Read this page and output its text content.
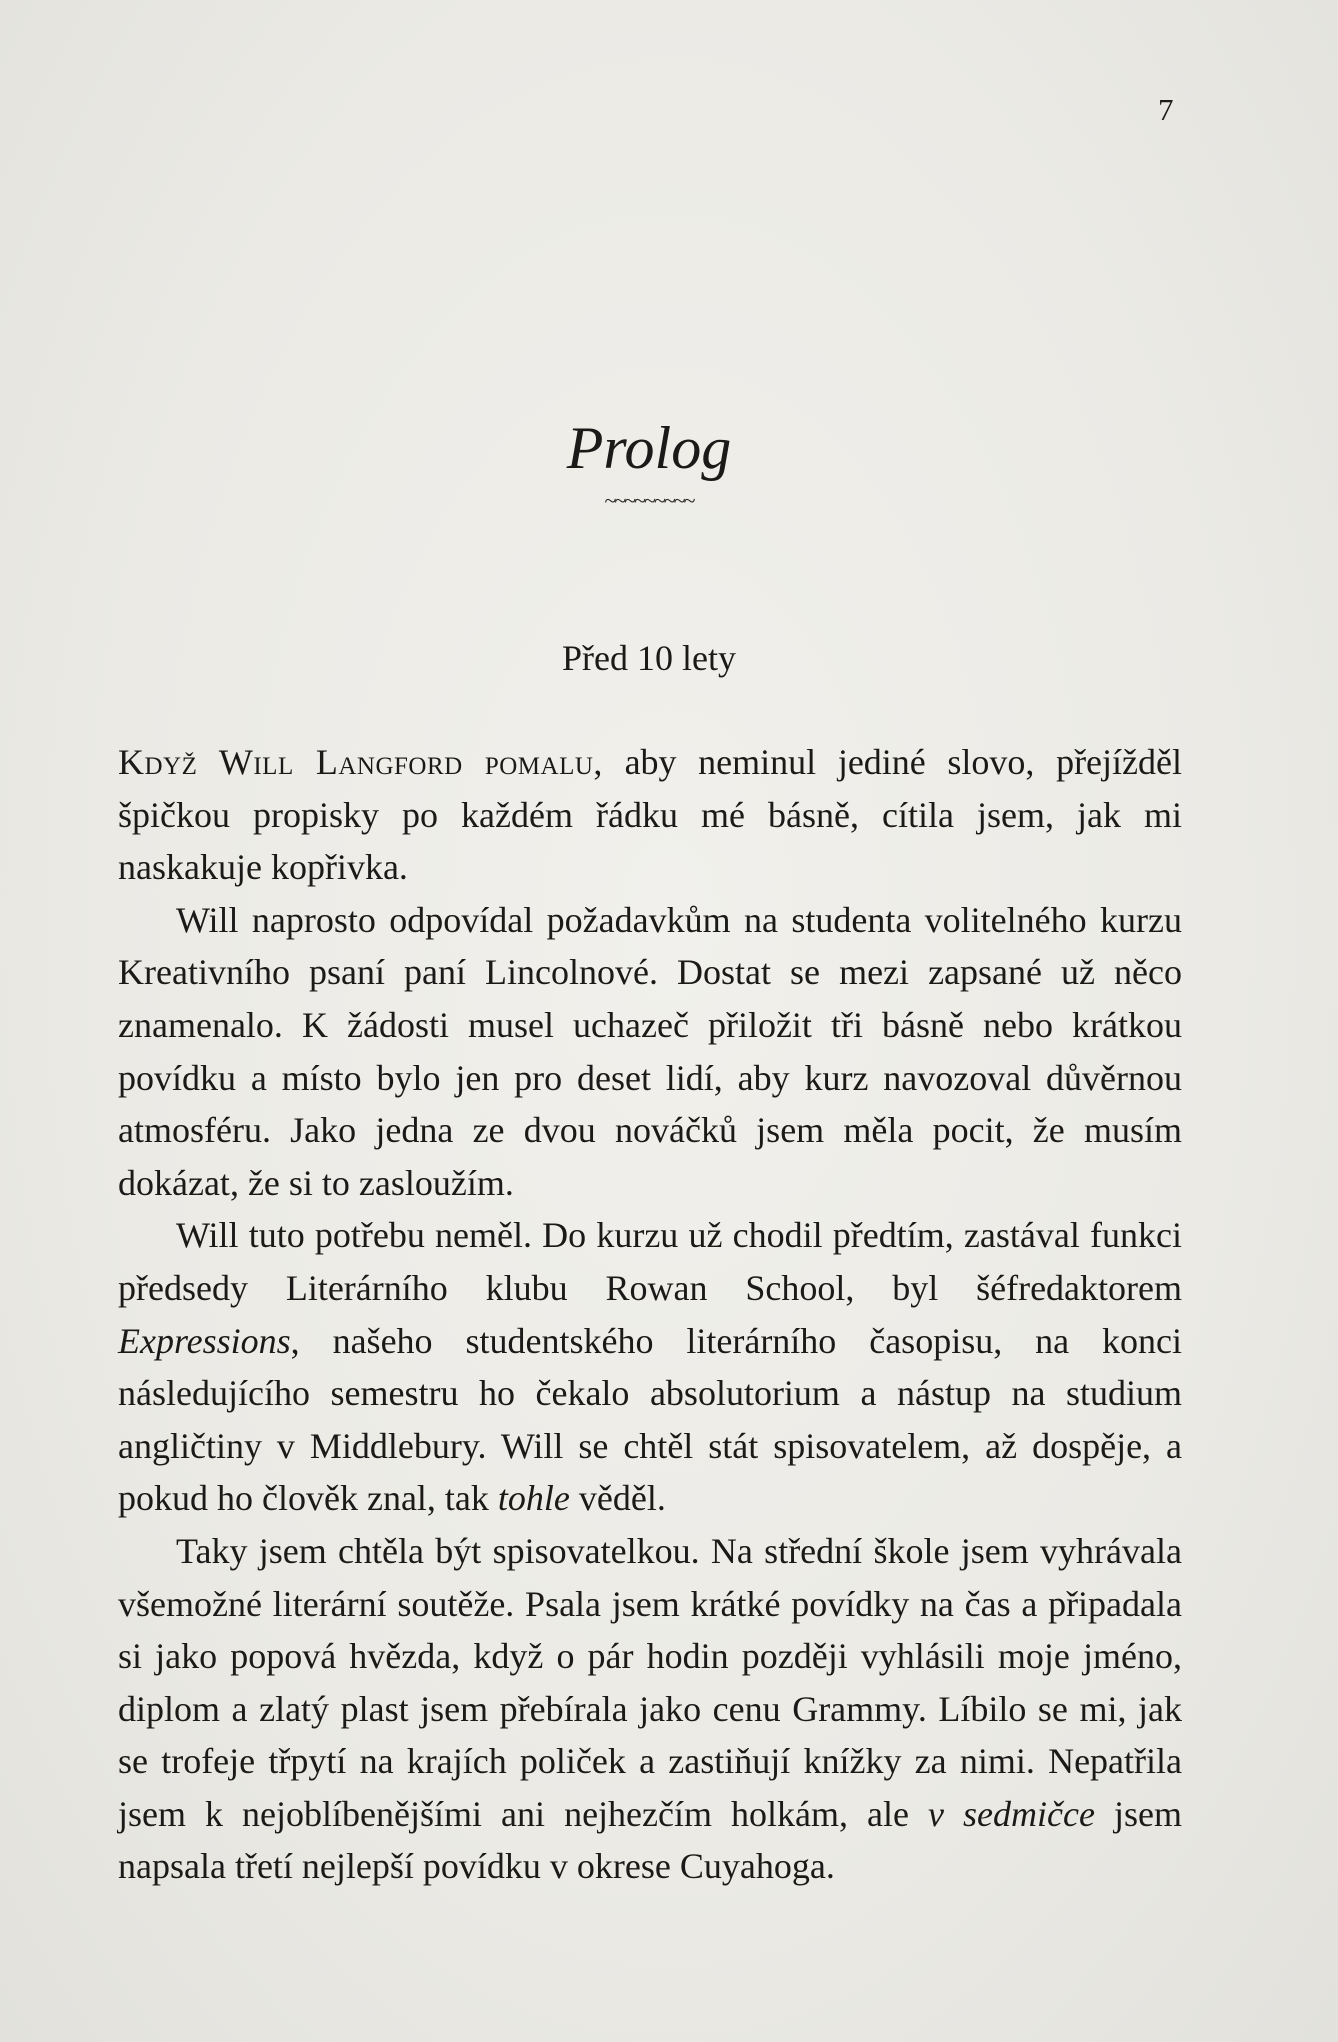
7
Prolog
~~~~~~~~~
Před 10 lety

Když Will Langford pomalu, aby neminul jediné slovo, přejížděl špičkou propisky po každém řádku mé básně, cítila jsem, jak mi naskakuje kopřivka.

Will naprosto odpovídal požadavkům na studenta volitelného kurzu Kreativního psaní paní Lincolnové. Dostat se mezi zapsané už něco znamenalo. K žádosti musel uchazeč přiložit tři básně nebo krátkou povídku a místo bylo jen pro deset lidí, aby kurz navozoval důvěrnou atmosféru. Jako jedna ze dvou nováčků jsem měla pocit, že musím dokázat, že si to zasloužím.

Will tuto potřebu neměl. Do kurzu už chodil předtím, zastával funkci předsedy Literárního klubu Rowan School, byl šéfredaktorem Expressions, našeho studentského literárního časopisu, na konci následujícího semestru ho čekalo absolutorium a nástup na studium angličtiny v Middlebury. Will se chtěl stát spisovatelem, až dospěje, a pokud ho člověk znal, tak tohle věděl.

Taky jsem chtěla být spisovatelkou. Na střední škole jsem vyhrávala všemožné literární soutěže. Psala jsem krátké povídky na čas a připadala si jako popová hvězda, když o pár hodin později vyhlásili moje jméno, diplom a zlatý plast jsem přebírala jako cenu Grammy. Líbilo se mi, jak se trofeje třpytí na krajích poliček a zastiňují knížky za nimi. Nepatřila jsem k nejoblíbenějšími ani nejhezčím holkám, ale v sedmičce jsem napsala třetí nejlepší povídku v okrese Cuyahoga.
